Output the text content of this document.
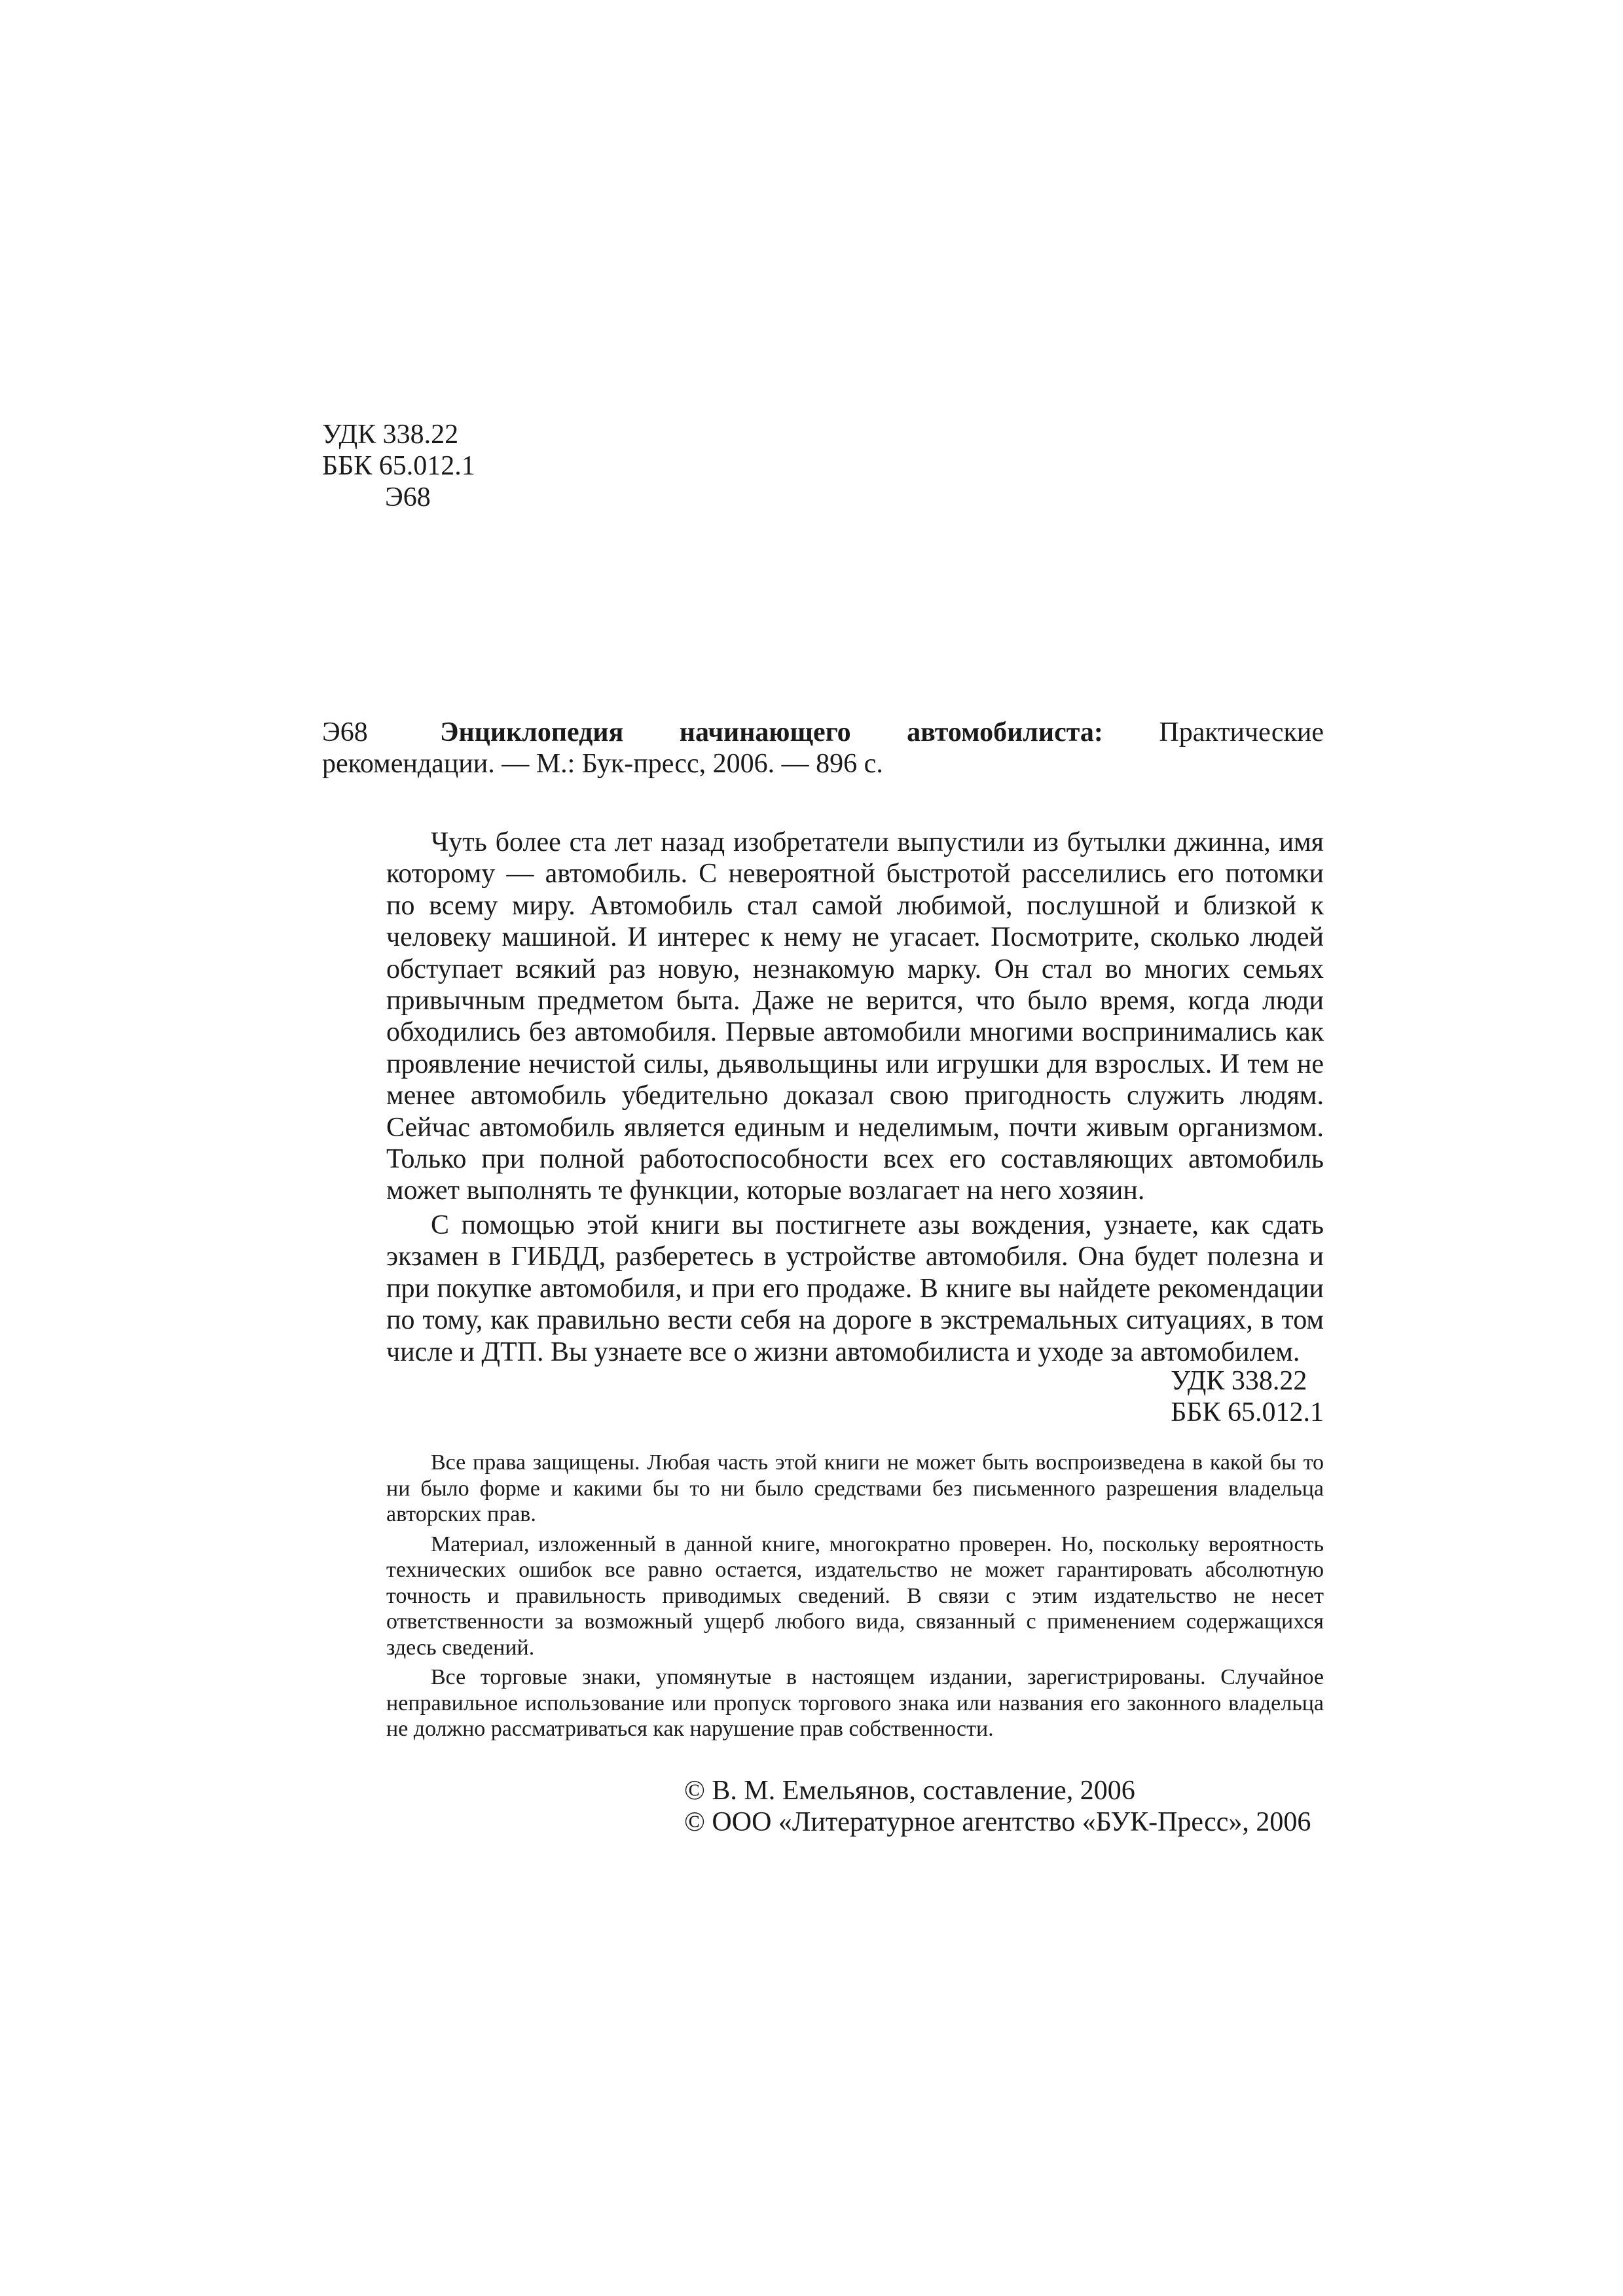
УДК 338.22
ББК 65.012.1
Э68
Э68	Энциклопедия начинающего автомобилиста: Практические рекомендации. — М.: Бук-пресс, 2006. — 896 с.

Чуть более ста лет назад изобретатели выпустили из бутылки джинна, имя которому — автомобиль. С невероятной быстротой расселились его потомки по всему миру. Автомобиль стал самой любимой, послушной и близкой к человеку машиной. И интерес к нему не угасает. Посмотрите, сколько людей обступает всякий раз новую, незнакомую марку. Он стал во многих семьях привычным предметом быта. Даже не верится, что было время, когда люди обходились без автомобиля. Первые автомобили многими воспринимались как проявление нечистой силы, дьявольщины или игрушки для взрослых. И тем не менее автомобиль убедительно доказал свою пригодность служить людям. Сейчас автомобиль является единым и неделимым, почти живым организмом. Только при полной работоспособности всех его составляющих автомобиль может выполнять те функции, которые возлагает на него хозяин.

С помощью этой книги вы постигнете азы вождения, узнаете, как сдать экзамен в ГИБДД, разберетесь в устройстве автомобиля. Она будет полезна и при покупке автомобиля, и при его продаже. В книге вы найдете рекомендации по тому, как правильно вести себя на дороге в экстремальных ситуациях, в том числе и ДТП. Вы узнаете все о жизни автомобилиста и уходе за автомобилем.

УДК 338.22
ББК 65.012.1

Все права защищены. Любая часть этой книги не может быть воспроизведена в какой бы то ни было форме и какими бы то ни было средствами без письменного разрешения владельца авторских прав.

Материал, изложенный в данной книге, многократно проверен. Но, поскольку вероятность технических ошибок все равно остается, издательство не может гарантировать абсолютную точность и правильность приводимых сведений. В связи с этим издательство не несет ответственности за возможный ущерб любого вида, связанный с применением содержащихся здесь сведений.

Все торговые знаки, упомянутые в настоящем издании, зарегистрированы. Случайное неправильное использование или пропуск торгового знака или названия его законного владельца не должно рассматриваться как нарушение прав собственности.

© В. М. Емельянов, составление, 2006
© ООО «Литературное агентство «БУК-Пресс», 2006
